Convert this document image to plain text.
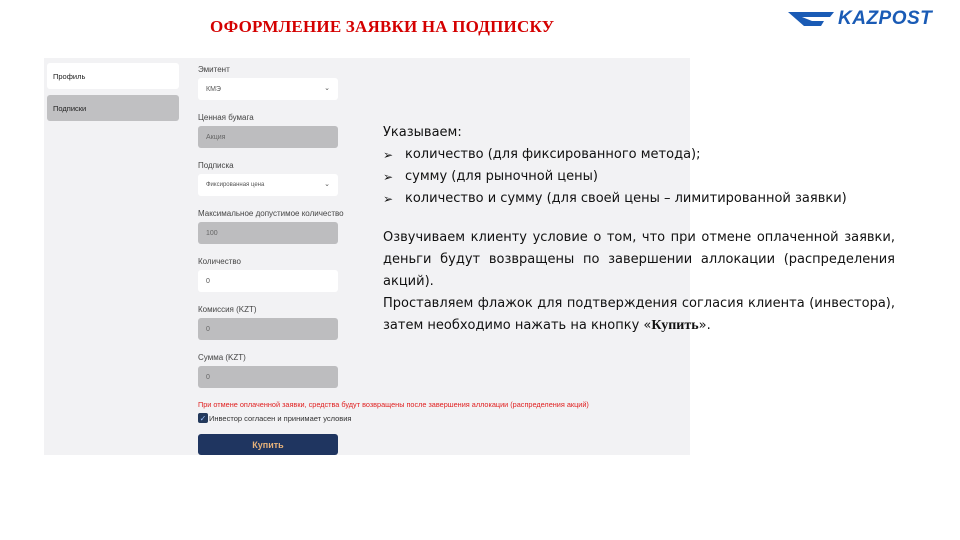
ОФОРМЛЕНИЕ ЗАЯВКИ НА ПОДПИСКУ	KAZPOST
Профиль
Подписки
Эмитент
КМЭ	⌄
Ценная бумага
Акция
Подписка
Фиксированная цена	⌄
Максимальное допустимое количество
100
Количество
0
Комиссия (KZT)
0
Сумма (KZT)
0
При отмене оплаченной заявки, средства будут возвращены после завершения аллокации (распределения акций)
✓ Инвестор согласен и принимает условия
Купить
Указываем:
➢ количество (для фиксированного метода);
➢ сумму (для рыночной цены)
➢ количество и сумму (для своей цены – лимитированной заявки)
Озвучиваем клиенту условие о том, что при отмене оплаченной заявки, деньги будут возвращены по завершении аллокации (распределения акций).
Проставляем флажок для подтверждения согласия клиента (инвестора), затем необходимо нажать на кнопку «Купить».
